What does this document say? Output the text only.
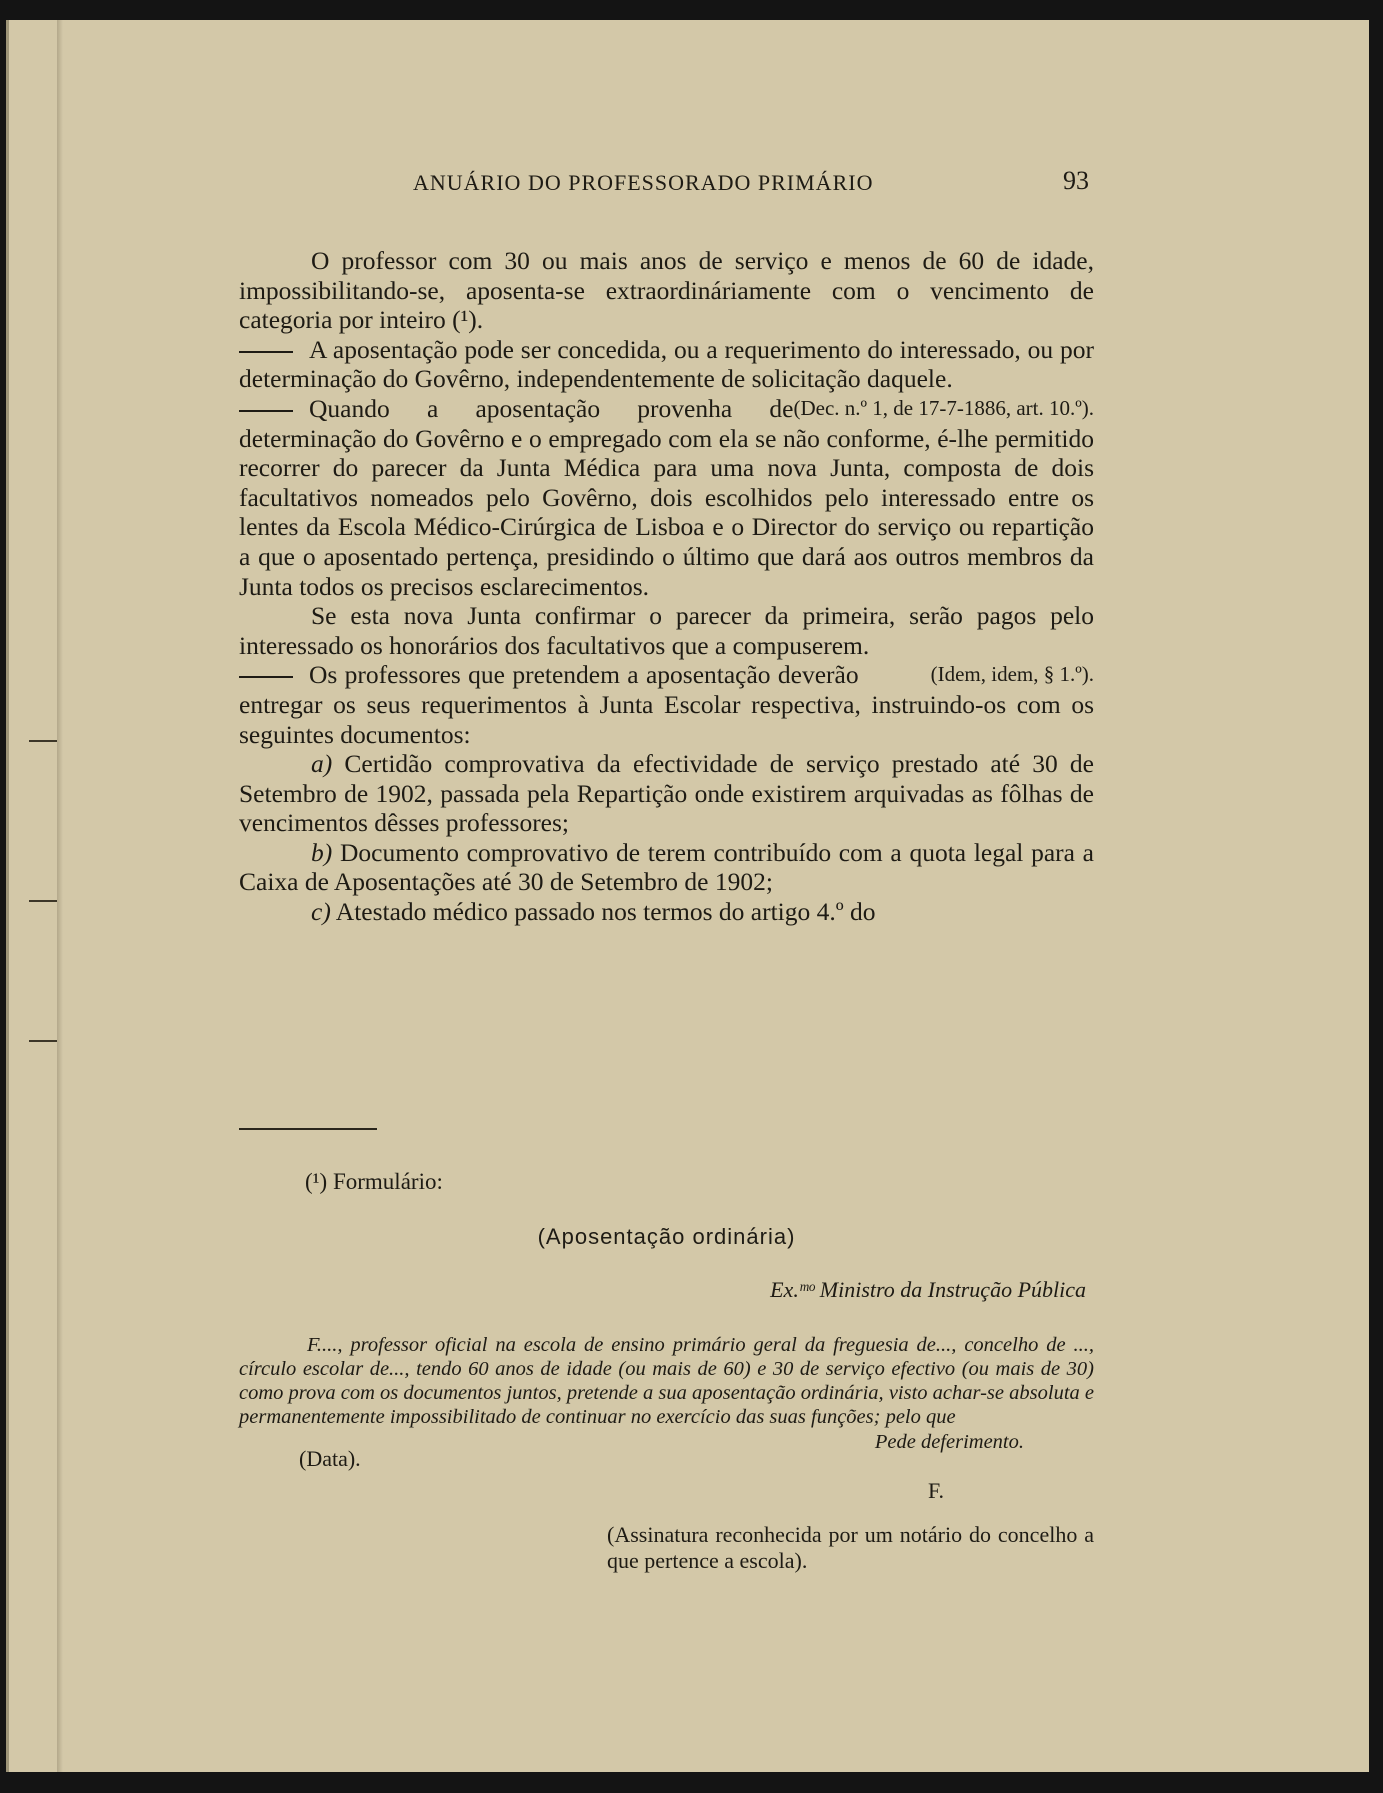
ANUÁRIO DO PROFESSORADO PRIMÁRIO	93

O professor com 30 ou mais anos de serviço e menos de 60 de idade, impossibilitando-se, aposenta-se extraordináriamente com o vencimento de categoria por inteiro (¹).

A aposentação pode ser concedida, ou a requerimento do interessado, ou por determinação do Govêrno, independentemente de solicitação daquele.
(Dec. n.º 1, de 17-7-1886, art. 10.º).

Quando a aposentação provenha de determinação do Govêrno e o empregado com ela se não conforme, é-lhe permitido recorrer do parecer da Junta Médica para uma nova Junta, composta de dois facultativos nomeados pelo Govêrno, dois escolhidos pelo interessado entre os lentes da Escola Médico-Cirúrgica de Lisboa e o Director do serviço ou repartição a que o aposentado pertença, presidindo o último que dará aos outros membros da Junta todos os precisos esclarecimentos.

Se esta nova Junta confirmar o parecer da primeira, serão pagos pelo interessado os honorários dos facultativos que a compuserem.
(Idem, idem, § 1.º).

Os professores que pretendem a aposentação deverão entregar os seus requerimentos à Junta Escolar respectiva, instruindo-os com os seguintes documentos:

a) Certidão comprovativa da efectividade de serviço prestado até 30 de Setembro de 1902, passada pela Repartição onde existirem arquivadas as fôlhas de vencimentos dêsses professores;

b) Documento comprovativo de terem contribuído com a quota legal para a Caixa de Aposentações até 30 de Setembro de 1902;

c) Atestado médico passado nos termos do artigo 4.º do

(¹) Formulário:
(Aposentação ordinária)
Ex.ᵐᵒ Ministro da Instrução Pública

F...., professor oficial na escola de ensino primário geral da freguesia de..., concelho de ..., círculo escolar de..., tendo 60 anos de idade (ou mais de 60) e 30 de serviço efectivo (ou mais de 30) como prova com os documentos juntos, pretende a sua aposentação ordinária, visto achar-se absoluta e permanentemente impossibilitado de continuar no exercício das suas funções; pelo que

(Data).
Pede deferimento.
F.
(Assinatura reconhecida por um notário do concelho a que pertence a escola).
